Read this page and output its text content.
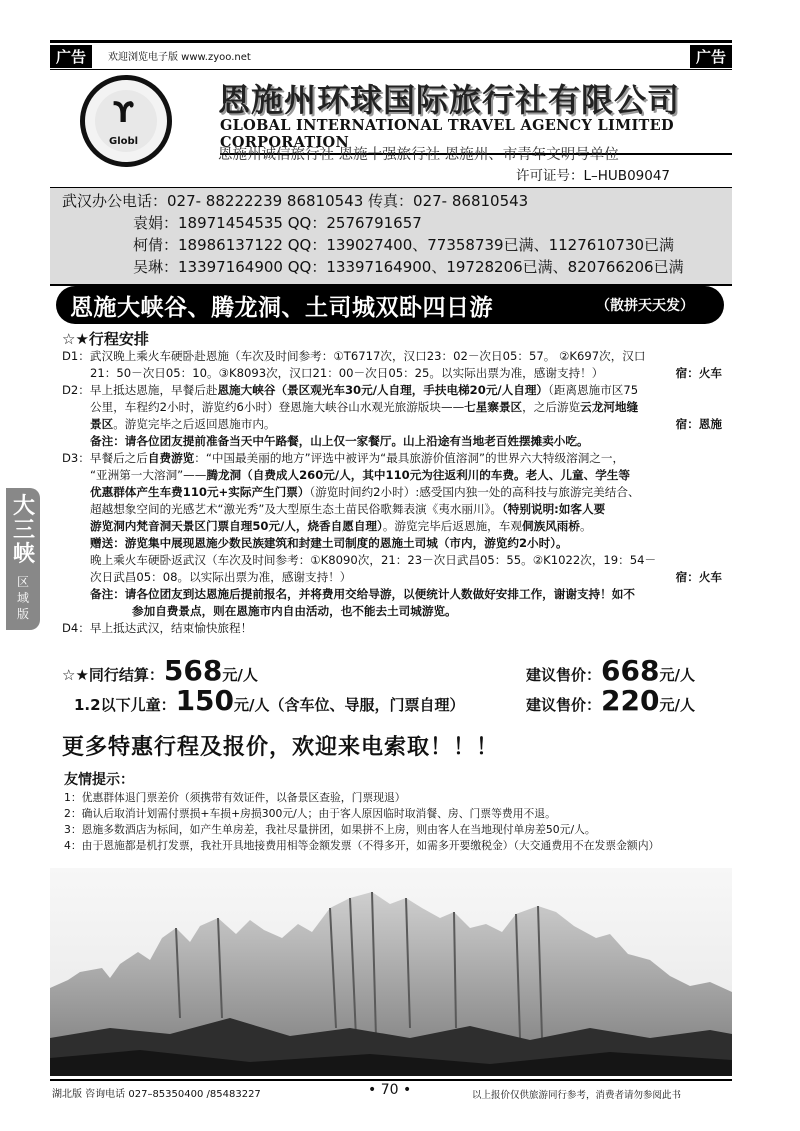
广告	欢迎浏览电子版 www.zyoo.net	广告
ϒ
Globl
恩施州环球国际旅行社有限公司
GLOBAL INTERNATIONAL TRAVEL AGENCY LIMITED CORPORATION
恩施州诚信旅行社 恩施十强旅行社 恩施州、市青年文明号单位
许可证号：L–HUB09047
武汉办公电话：027- 88222239 86810543 传真：027- 86810543
袁娟：18971454535 QQ：2576791657
柯倩：18986137122 QQ：139027400、77358739已满、1127610730已满
吴琳：13397164900 QQ：13397164900、19728206已满、820766206已满
恩施大峡谷、腾龙洞、土司城双卧四日游	（散拼天天发）
☆★行程安排
D1：武汉晚上乘火车硬卧赴恩施（车次及时间参考：①T6717次，汉口23：02－次日05：57。 ②K697次，汉口
21：50－次日05：10。③K8093次，汉口21：00－次日05：25。以实际出票为准，感谢支持！）	宿：火车
D2：早上抵达恩施，早餐后赴恩施大峡谷（景区观光车30元/人自理，手扶电梯20元/人自理）（距离恩施市区75
公里，车程约2小时，游览约6小时）登恩施大峡谷山水观光旅游版块——七星寨景区，之后游览云龙河地缝
景区。游览完毕之后返回恩施市内。	宿：恩施
备注：请各位团友提前准备当天中午路餐，山上仅一家餐厅。山上沿途有当地老百姓摆摊卖小吃。
D3：早餐后之后自费游览：“中国最美丽的地方”评选中被评为“最具旅游价值溶洞”的世界六大特级溶洞之一，
“亚洲第一大溶洞”——腾龙洞（自费成人260元/人，其中110元为往返利川的车费。老人、儿童、学生等
优惠群体产生车费110元+实际产生门票）（游览时间约2小时）:感受国内独一处的高科技与旅游完美结合、
超越想象空间的光感艺术“激光秀”及大型原生态土苗民俗歌舞表演《夷水丽川》。（特别说明:如客人要
游览洞内梵音洞天景区门票自理50元/人，烧香自愿自理）。游览完毕后返恩施，车观侗族风雨桥。
赠送：游览集中展现恩施少数民族建筑和封建土司制度的恩施土司城（市内，游览约2小时）。
晚上乘火车硬卧返武汉（车次及时间参考：①K8090次，21：23－次日武昌05：55。②K1022次，19：54－
次日武昌05：08。以实际出票为准，感谢支持！）	宿：火车
备注：请各位团友到达恩施后提前报名，并将费用交给导游，以便统计人数做好安排工作，谢谢支持！如不
参加自费景点，则在恩施市内自由活动，也不能去土司城游览。
D4：早上抵达武汉，结束愉快旅程！
☆★同行结算：568元/人	建议售价：668元/人
1.2以下儿童：150元/人（含车位、导服，门票自理）	建议售价：220元/人
更多特惠行程及报价，欢迎来电索取！！！
友情提示：
1：优惠群体退门票差价（须携带有效证件，以备景区查验，门票现退）
2：确认后取消计划需付票损+车损+房损300元/人；由于客人原因临时取消餐、房、门票等费用不退。
3：恩施多数酒店为标间，如产生单房差，我社尽量拼团，如果拼不上房，则由客人在当地现付单房差50元/人。
4：由于恩施都是机打发票，我社开具地接费用相等金额发票（不得多开，如需多开要缴税金）（大交通费用不在发票金额内）
大三峡
区域版
湖北版 咨询电话 027–85350400 /85483227	• 70 •	以上报价仅供旅游同行参考，消费者请勿参阅此书
